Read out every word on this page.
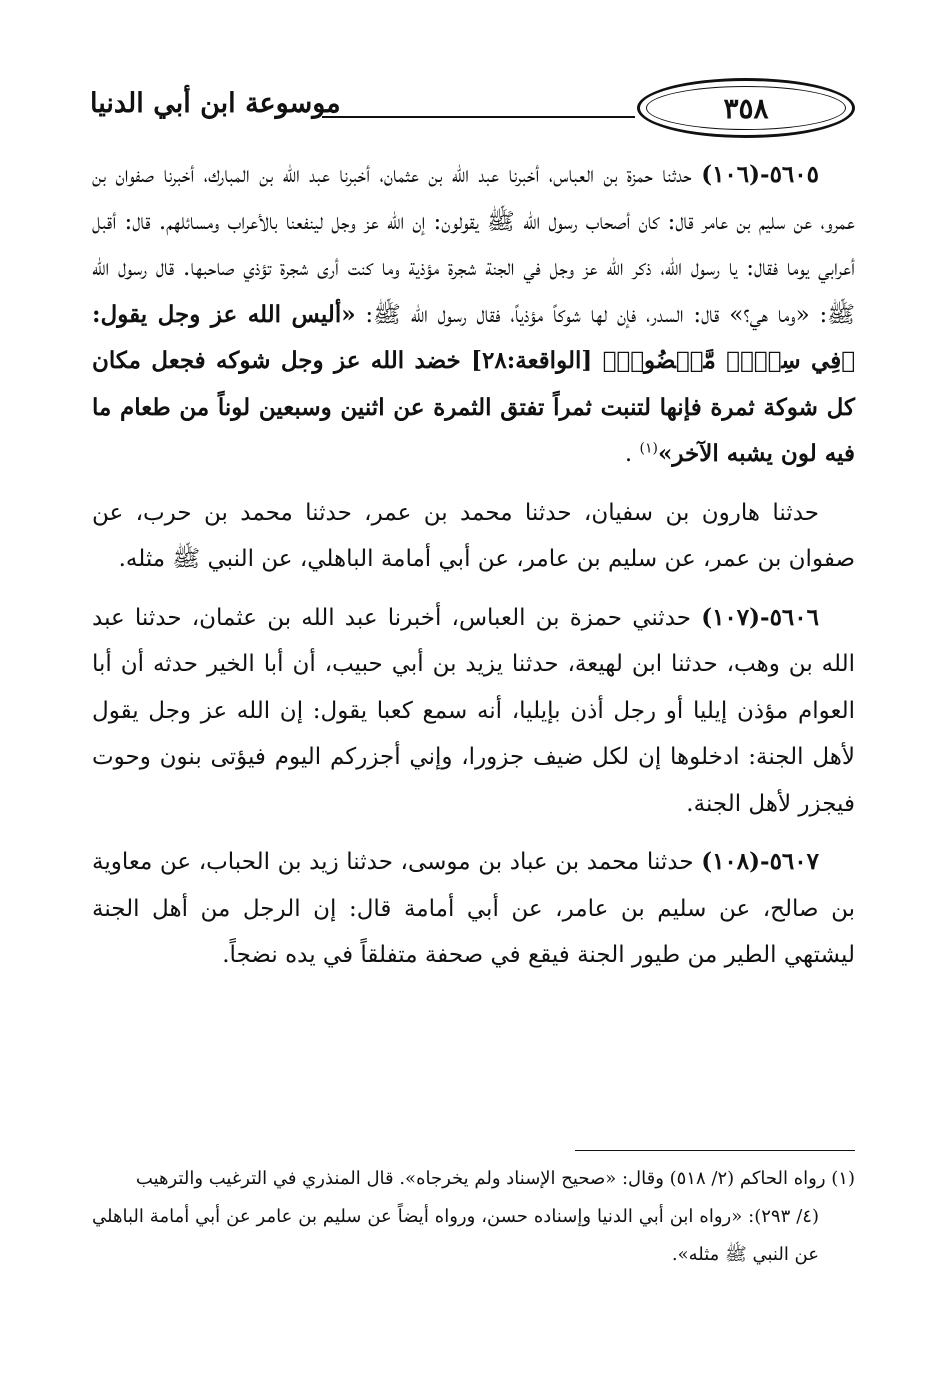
موسوعة ابن أبي الدنيا	٣٥٨

٥٦٠٥-(١٠٦) حدثنا حمزة بن العباس، أخبرنا عبد الله بن عثمان، أخبرنا عبد الله بن المبارك، أخبرنا صفوان بن عمرو، عن سليم بن عامر قال: كان أصحاب رسول الله ﷺ يقولون: إن الله عز وجل لينفعنا بالأعراب ومسائلهم. قال: أقبل أعرابي يوما فقال: يا رسول الله، ذكر الله عز وجل في الجنة شجرة مؤذية وما كنت أرى شجرة تؤذي صاحبها. قال رسول الله ﷺ: «وما هي؟» قال: السدر، فإن لها شوكاً مؤذياً، فقال رسول الله ﷺ: «أليس الله عز وجل يقول: ﴿فِي سِدۡرٖ مَّخۡضُودٖ﴾ [الواقعة:٢٨] خضد الله عز وجل شوكه فجعل مكان كل شوكة ثمرة فإنها لتنبت ثمراً تفتق الثمرة عن اثنين وسبعين لوناً من طعام ما فيه لون يشبه الآخر»$^{(١)}$ .

حدثنا هارون بن سفيان، حدثنا محمد بن عمر، حدثنا محمد بن حرب، عن صفوان بن عمر، عن سليم بن عامر، عن أبي أمامة الباهلي، عن النبي ﷺ مثله.

٥٦٠٦-(١٠٧) حدثني حمزة بن العباس، أخبرنا عبد الله بن عثمان، حدثنا عبد الله بن وهب، حدثنا ابن لهيعة، حدثنا يزيد بن أبي حبيب، أن أبا الخير حدثه أن أبا العوام مؤذن إيليا أو رجل أذن بإيليا، أنه سمع كعبا يقول: إن الله عز وجل يقول لأهل الجنة: ادخلوها إن لكل ضيف جزورا، وإني أجزركم اليوم فيؤتى بنون وحوت فيجزر لأهل الجنة.

٥٦٠٧-(١٠٨) حدثنا محمد بن عباد بن موسى، حدثنا زيد بن الحباب، عن معاوية بن صالح، عن سليم بن عامر، عن أبي أمامة قال: إن الرجل من أهل الجنة ليشتهي الطير من طيور الجنة فيقع في صحفة متفلقاً في يده نضجاً.

(١) رواه الحاكم (٢/ ٥١٨) وقال: «صحيح الإسناد ولم يخرجاه». قال المنذري في الترغيب والترهيب

(٤/ ٢٩٣): «رواه ابن أبي الدنيا وإسناده حسن، ورواه أيضاً عن سليم بن عامر عن أبي أمامة الباهلي عن النبي ﷺ مثله».
